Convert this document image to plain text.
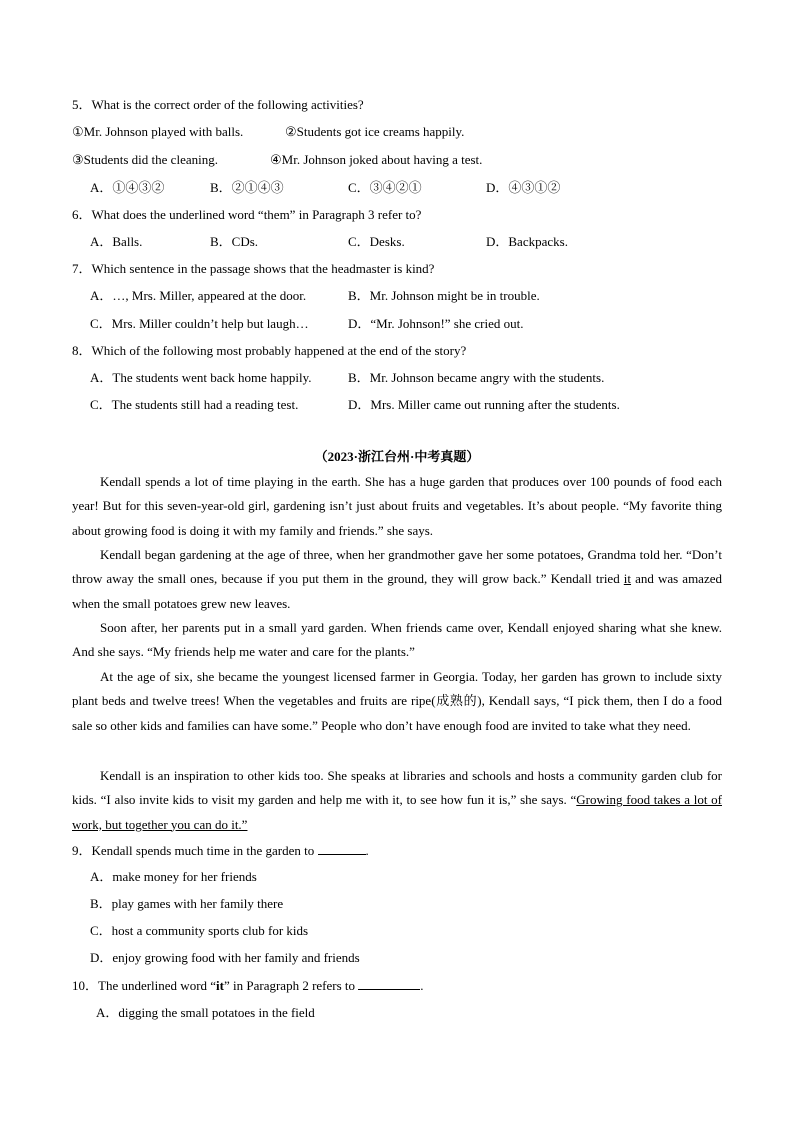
5．What is the correct order of the following activities?
①Mr. Johnson played with balls.	②Students got ice creams happily.
③Students did the cleaning.	④Mr. Johnson joked about having a test.
A．①④③②	B．②①④③	C．③④②①	D．④③①②
6．What does the underlined word “them” in Paragraph 3 refer to?
A．Balls.	B．CDs.	C．Desks.	D．Backpacks.
7．Which sentence in the passage shows that the headmaster is kind?
A．…, Mrs. Miller, appeared at the door.	B．Mr. Johnson might be in trouble.
C．Mrs. Miller couldn’t help but laugh…	D．“Mr. Johnson!” she cried out.
8．Which of the following most probably happened at the end of the story?
A．The students went back home happily.	B．Mr. Johnson became angry with the students.
C．The students still had a reading test.	D．Mrs. Miller came out running after the students.
（2023·浙江台州·中考真题）
Kendall spends a lot of time playing in the earth. She has a huge garden that produces over 100 pounds of food each year! But for this seven-year-old girl, gardening isn’t just about fruits and vegetables. It’s about people. “My favorite thing about growing food is doing it with my family and friends.” she says.
Kendall began gardening at the age of three, when her grandmother gave her some potatoes, Grandma told her. “Don’t throw away the small ones, because if you put them in the ground, they will grow back.” Kendall tried it and was amazed when the small potatoes grew new leaves.
Soon after, her parents put in a small yard garden. When friends came over, Kendall enjoyed sharing what she knew. And she says. “My friends help me water and care for the plants.”
At the age of six, she became the youngest licensed farmer in Georgia. Today, her garden has grown to include sixty plant beds and twelve trees! When the vegetables and fruits are ripe(成熟的), Kendall says, “I pick them, then I do a food sale so other kids and families can have some.” People who don’t have enough food are invited to take what they need.
Kendall is an inspiration to other kids too. She speaks at libraries and schools and hosts a community garden club for kids. “I also invite kids to visit my garden and help me with it, to see how fun it is,” she says. “Growing food takes a lot of work, but together you can do it.”
9．Kendall spends much time in the garden to	.
A．make money for her friends
B．play games with her family there
C．host a community sports club for kids
D．enjoy growing food with her family and friends
10．The underlined word “it” in Paragraph 2 refers to	.
A．digging the small potatoes in the field
